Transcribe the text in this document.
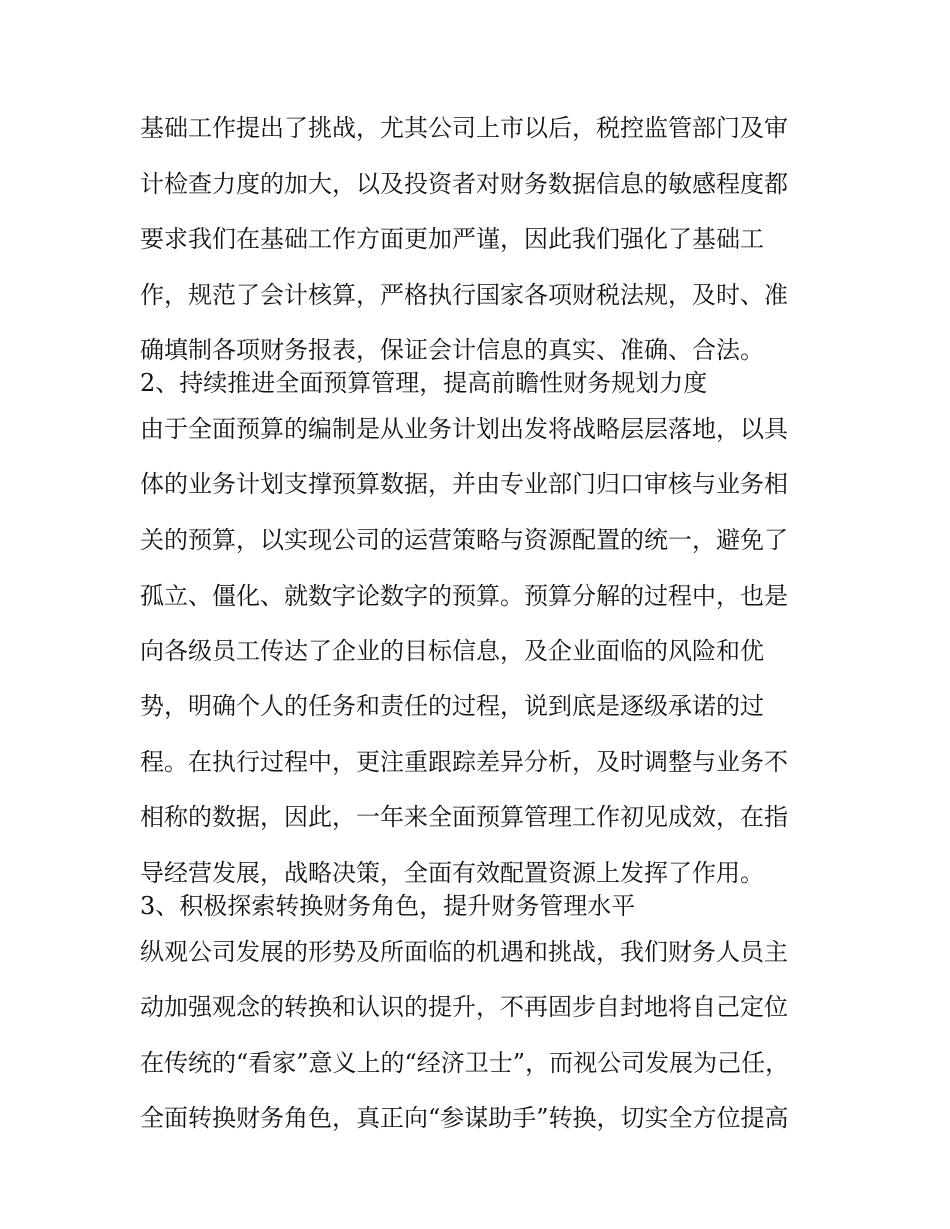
基础工作提出了挑战，尤其公司上市以后，税控监管部门及审
计检查力度的加大，以及投资者对财务数据信息的敏感程度都
要求我们在基础工作方面更加严谨，因此我们强化了基础工
作，规范了会计核算，严格执行国家各项财税法规，及时、准
确填制各项财务报表，保证会计信息的真实、准确、合法。
2、持续推进全面预算管理，提高前瞻性财务规划力度
由于全面预算的编制是从业务计划出发将战略层层落地，以具
体的业务计划支撑预算数据，并由专业部门归口审核与业务相
关的预算，以实现公司的运营策略与资源配置的统一，避免了
孤立、僵化、就数字论数字的预算。预算分解的过程中，也是
向各级员工传达了企业的目标信息，及企业面临的风险和优
势，明确个人的任务和责任的过程，说到底是逐级承诺的过
程。在执行过程中，更注重跟踪差异分析，及时调整与业务不
相称的数据，因此，一年来全面预算管理工作初见成效，在指
导经营发展，战略决策，全面有效配置资源上发挥了作用。
3、积极探索转换财务角色，提升财务管理水平
纵观公司发展的形势及所面临的机遇和挑战，我们财务人员主
动加强观念的转换和认识的提升，不再固步自封地将自己定位
在传统的“看家”意义上的“经济卫士”，而视公司发展为己任，
全面转换财务角色，真正向“参谋助手”转换，切实全方位提高
